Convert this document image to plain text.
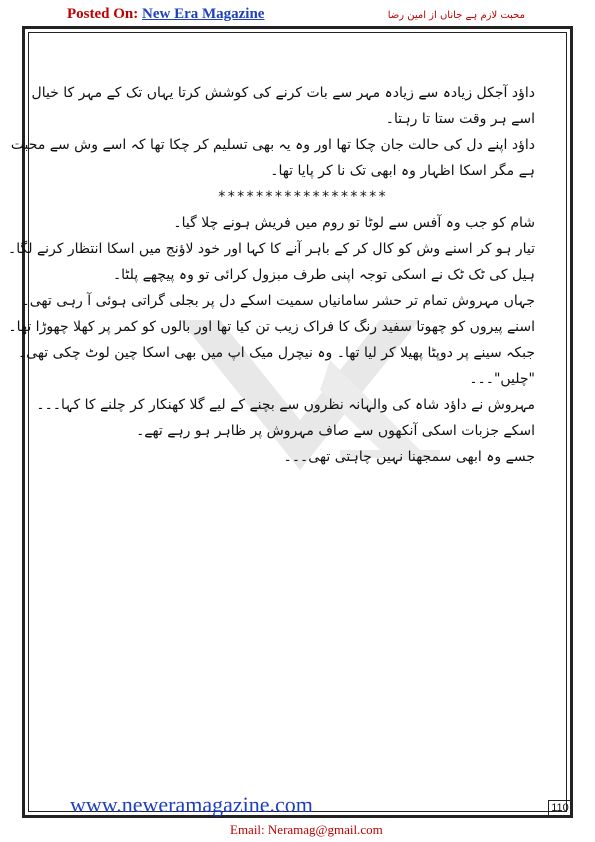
Posted On: New Era Magazine	محبت لازم ہے جاناں از امین رضا
داؤد آجکل زیادہ سے زیادہ مہر سے بات کرنے کی کوشش کرتا یہاں تک کے مہر کا خیال
اسے ہر وقت ستا تا رہتا۔
داؤد اپنے دل کی حالت جان چکا تھا اور وہ یہ بھی تسلیم کر چکا تھا کہ اسے وش سے محبت
ہے مگر اسکا اظہار وہ ابھی تک نا کر پایا تھا۔
******************
شام کو جب وہ آفس سے لوٹا تو روم میں فریش ہونے چلا گیا۔
تیار ہو کر اسنے وش کو کال کر کے باہر آنے کا کہا اور خود لاؤنج میں اسکا انتظار کرنے لگا۔
ہیل کی ٹک ٹک نے اسکی توجہ اپنی طرف مبزول کرائی تو وہ پیچھے پلٹا۔
جہاں مہروش تمام تر حشر سامانیاں سمیت اسکے دل پر بجلی گراتی ہوئی آ رہی تھی۔
اسنے پیروں کو چھوتا سفید رنگ کا فراک زیب تن کیا تھا اور بالوں کو کمر پر کھلا چھوڑا تھا۔
جبکہ سینے پر دوپٹا پھیلا کر لیا تھا۔ وہ نیچرل میک اپ میں بھی اسکا چین لوٹ چکی تھی۔
"چلیں"۔۔۔
مہروش نے داؤد شاہ کی والہانہ نظروں سے بچنے کے لیے گلا کھنکار کر چلنے کا کہا۔۔۔
اسکے جزبات اسکی آنکھوں سے صاف مہروش پر ظاہر ہو رہے تھے۔
جسے وہ ابھی سمجھنا نہیں چاہتی تھی۔۔۔
www.neweramagazine.com	110
Email: Neramag@gmail.com
